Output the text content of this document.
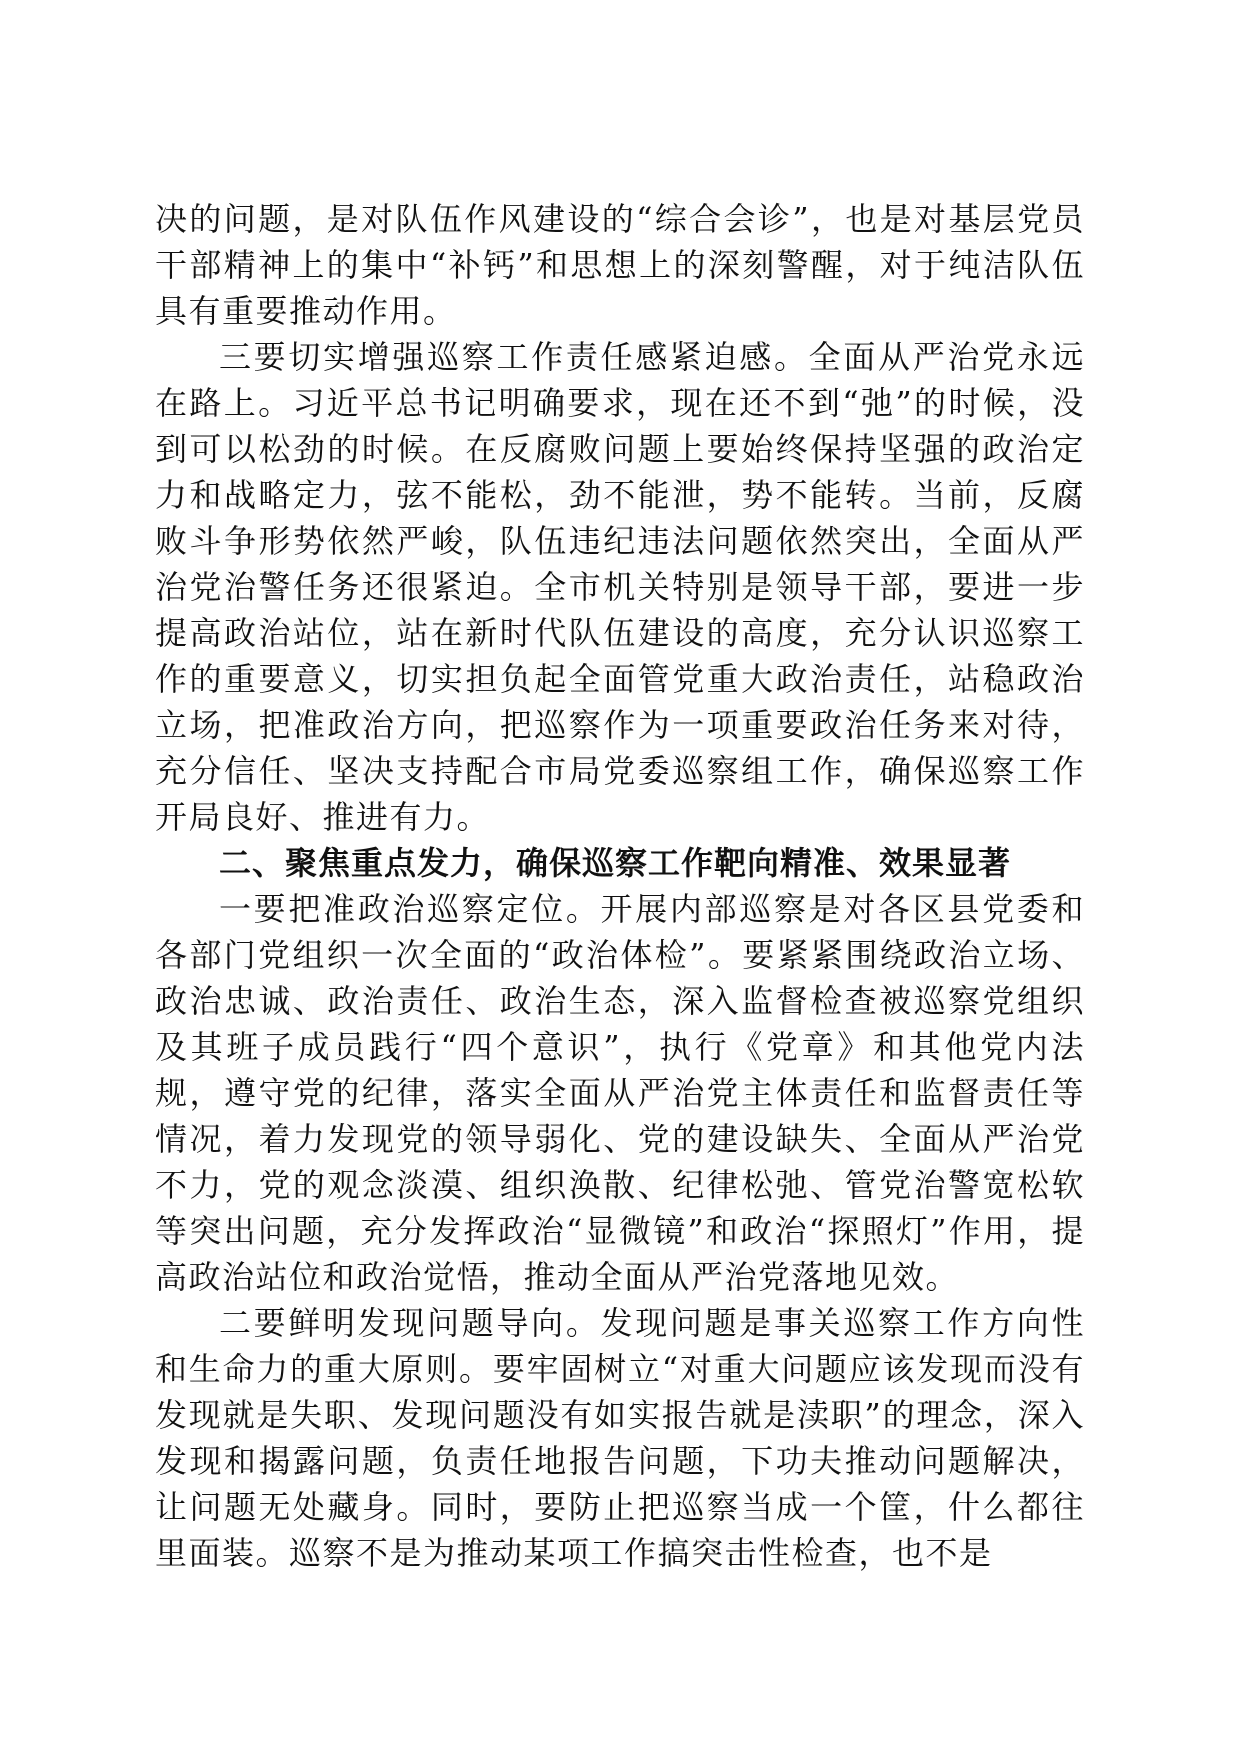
决的问题，是对队伍作风建设的“综合会诊”，也是对基层党员干部精神上的集中“补钙”和思想上的深刻警醒，对于纯洁队伍具有重要推动作用。

三要切实增强巡察工作责任感紧迫感。全面从严治党永远在路上。习近平总书记明确要求，现在还不到“弛”的时候，没到可以松劲的时候。在反腐败问题上要始终保持坚强的政治定力和战略定力，弦不能松，劲不能泄，势不能转。当前，反腐败斗争形势依然严峻，队伍违纪违法问题依然突出，全面从严治党治警任务还很紧迫。全市机关特别是领导干部，要进一步提高政治站位，站在新时代队伍建设的高度，充分认识巡察工作的重要意义，切实担负起全面管党重大政治责任，站稳政治立场，把准政治方向，把巡察作为一项重要政治任务来对待，充分信任、坚决支持配合市局党委巡察组工作，确保巡察工作开局良好、推进有力。

二、聚焦重点发力，确保巡察工作靶向精准、效果显著

一要把准政治巡察定位。开展内部巡察是对各区县党委和各部门党组织一次全面的“政治体检”。要紧紧围绕政治立场、政治忠诚、政治责任、政治生态，深入监督检查被巡察党组织及其班子成员践行“四个意识”，执行《党章》和其他党内法规，遵守党的纪律，落实全面从严治党主体责任和监督责任等情况，着力发现党的领导弱化、党的建设缺失、全面从严治党不力，党的观念淡漠、组织涣散、纪律松弛、管党治警宽松软等突出问题，充分发挥政治“显微镜”和政治“探照灯”作用，提高政治站位和政治觉悟，推动全面从严治党落地见效。

二要鲜明发现问题导向。发现问题是事关巡察工作方向性和生命力的重大原则。要牢固树立“对重大问题应该发现而没有发现就是失职、发现问题没有如实报告就是渎职”的理念，深入发现和揭露问题，负责任地报告问题，下功夫推动问题解决，让问题无处藏身。同时，要防止把巡察当成一个筐，什么都往里面装。巡察不是为推动某项工作搞突击性检查，也不是
